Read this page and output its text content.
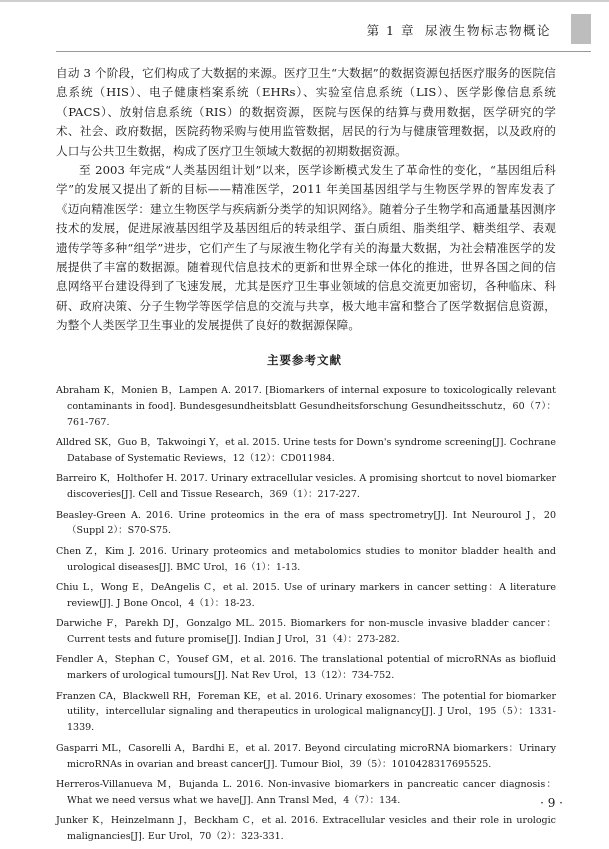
第 1 章 尿液生物标志物概论

自动 3 个阶段，它们构成了大数据的来源。医疗卫生“大数据”的数据资源包括医疗服务的医院信息系统（HIS）、电子健康档案系统（EHRs）、实验室信息系统（LIS）、医学影像信息系统（PACS）、放射信息系统（RIS）的数据资源，医院与医保的结算与费用数据，医学研究的学术、社会、政府数据，医院药物采购与使用监管数据，居民的行为与健康管理数据，以及政府的人口与公共卫生数据，构成了医疗卫生领域大数据的初期数据资源。

至 2003 年完成“人类基因组计划”以来，医学诊断模式发生了革命性的变化，“基因组后科学”的发展又提出了新的目标——精准医学，2011 年美国基因组学与生物医学界的智库发表了《迈向精准医学：建立生物医学与疾病新分类学的知识网络》。随着分子生物学和高通量基因测序技术的发展，促进尿液基因组学及基因组后的转录组学、蛋白质组、脂类组学、糖类组学、表观遗传学等多种“组学”进步，它们产生了与尿液生物化学有关的海量大数据，为社会精准医学的发展提供了丰富的数据源。随着现代信息技术的更新和世界全球一体化的推进，世界各国之间的信息网络平台建设得到了飞速发展，尤其是医疗卫生事业领域的信息交流更加密切，各种临床、科研、政府决策、分子生物学等医学信息的交流与共享，极大地丰富和整合了医学数据信息资源，为整个人类医学卫生事业的发展提供了良好的数据源保障。

主要参考文献

Abraham K，Monien B，Lampen A. 2017. [Biomarkers of internal exposure to toxicologically relevant contaminants in food]. Bundesgesundheitsblatt Gesundheitsforschung Gesundheitsschutz，60（7）：761-767.

Alldred SK，Guo B，Takwoingi Y，et al. 2015. Urine tests for Down's syndrome screening[J]. Cochrane Database of Systematic Reviews，12（12）：CD011984.

Barreiro K，Holthofer H. 2017. Urinary extracellular vesicles. A promising shortcut to novel biomarker discoveries[J]. Cell and Tissue Research，369（1）：217-227.

Beasley-Green A. 2016. Urine proteomics in the era of mass spectrometry[J]. Int Neurourol J，20（Suppl 2）：S70-S75.

Chen Z，Kim J. 2016. Urinary proteomics and metabolomics studies to monitor bladder health and urological diseases[J]. BMC Urol，16（1）：1-13.

Chiu L，Wong E，DeAngelis C，et al. 2015. Use of urinary markers in cancer setting：A literature review[J]. J Bone Oncol，4（1）：18-23.

Darwiche F，Parekh DJ，Gonzalgo ML. 2015. Biomarkers for non-muscle invasive bladder cancer：Current tests and future promise[J]. Indian J Urol，31（4）：273-282.

Fendler A，Stephan C，Yousef GM，et al. 2016. The translational potential of microRNAs as biofluid markers of urological tumours[J]. Nat Rev Urol，13（12）：734-752.

Franzen CA，Blackwell RH，Foreman KE，et al. 2016. Urinary exosomes：The potential for biomarker utility，intercellular signaling and therapeutics in urological malignancy[J]. J Urol，195（5）：1331-1339.

Gasparri ML，Casorelli A，Bardhi E，et al. 2017. Beyond circulating microRNA biomarkers：Urinary microRNAs in ovarian and breast cancer[J]. Tumour Biol，39（5）：1010428317695525.

Herreros-Villanueva M，Bujanda L. 2016. Non-invasive biomarkers in pancreatic cancer diagnosis：What we need versus what we have[J]. Ann Transl Med，4（7）：134.

Junker K，Heinzelmann J，Beckham C，et al. 2016. Extracellular vesicles and their role in urologic malignancies[J]. Eur Urol，70（2）：323-331.

· 9 ·
